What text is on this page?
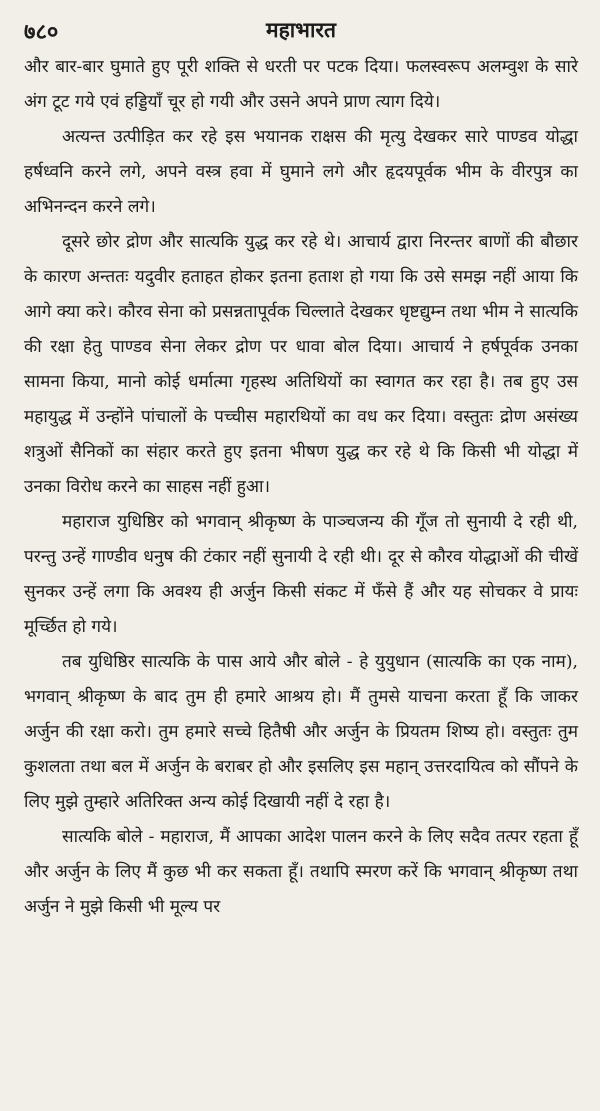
७८०	महाभारत

और बार-बार घुमाते हुए पूरी शक्ति से धरती पर पटक दिया। फलस्वरूप अलम्वुश के सारे अंग टूट गये एवं हड्डियाँ चूर हो गयी और उसने अपने प्राण त्याग दिये।

अत्यन्त उत्पीड़ित कर रहे इस भयानक राक्षस की मृत्यु देखकर सारे पाण्डव योद्धा हर्षध्वनि करने लगे, अपने वस्त्र हवा में घुमाने लगे और हृदयपूर्वक भीम के वीरपुत्र का अभिनन्दन करने लगे।

दूसरे छोर द्रोण और सात्यकि युद्ध कर रहे थे। आचार्य द्वारा निरन्तर बाणों की बौछार के कारण अन्ततः यदुवीर हताहत होकर इतना हताश हो गया कि उसे समझ नहीं आया कि आगे क्या करे। कौरव सेना को प्रसन्नतापूर्वक चिल्लाते देखकर धृष्टद्युम्न तथा भीम ने सात्यकि की रक्षा हेतु पाण्डव सेना लेकर द्रोण पर धावा बोल दिया। आचार्य ने हर्षपूर्वक उनका सामना किया, मानो कोई धर्मात्मा गृहस्थ अतिथियों का स्वागत कर रहा है। तब हुए उस महायुद्ध में उन्होंने पांचालों के पच्चीस महारथियों का वध कर दिया। वस्तुतः द्रोण असंख्य शत्रुओं सैनिकों का संहार करते हुए इतना भीषण युद्ध कर रहे थे कि किसी भी योद्धा में उनका विरोध करने का साहस नहीं हुआ।

महाराज युधिष्ठिर को भगवान् श्रीकृष्ण के पाञ्चजन्य की गूँज तो सुनायी दे रही थी, परन्तु उन्हें गाण्डीव धनुष की टंकार नहीं सुनायी दे रही थी। दूर से कौरव योद्धाओं की चीखें सुनकर उन्हें लगा कि अवश्य ही अर्जुन किसी संकट में फँसे हैं और यह सोचकर वे प्रायः मूर्च्छित हो गये।

तब युधिष्ठिर सात्यकि के पास आये और बोले - हे युयुधान (सात्यकि का एक नाम), भगवान् श्रीकृष्ण के बाद तुम ही हमारे आश्रय हो। मैं तुमसे याचना करता हूँ कि जाकर अर्जुन की रक्षा करो। तुम हमारे सच्चे हितैषी और अर्जुन के प्रियतम शिष्य हो। वस्तुतः तुम कुशलता तथा बल में अर्जुन के बराबर हो और इसलिए इस महान् उत्तरदायित्व को सौंपने के लिए मुझे तुम्हारे अतिरिक्त अन्य कोई दिखायी नहीं दे रहा है।

सात्यकि बोले - महाराज, मैं आपका आदेश पालन करने के लिए सदैव तत्पर रहता हूँ और अर्जुन के लिए मैं कुछ भी कर सकता हूँ। तथापि स्मरण करें कि भगवान् श्रीकृष्ण तथा अर्जुन ने मुझे किसी भी मूल्य पर
